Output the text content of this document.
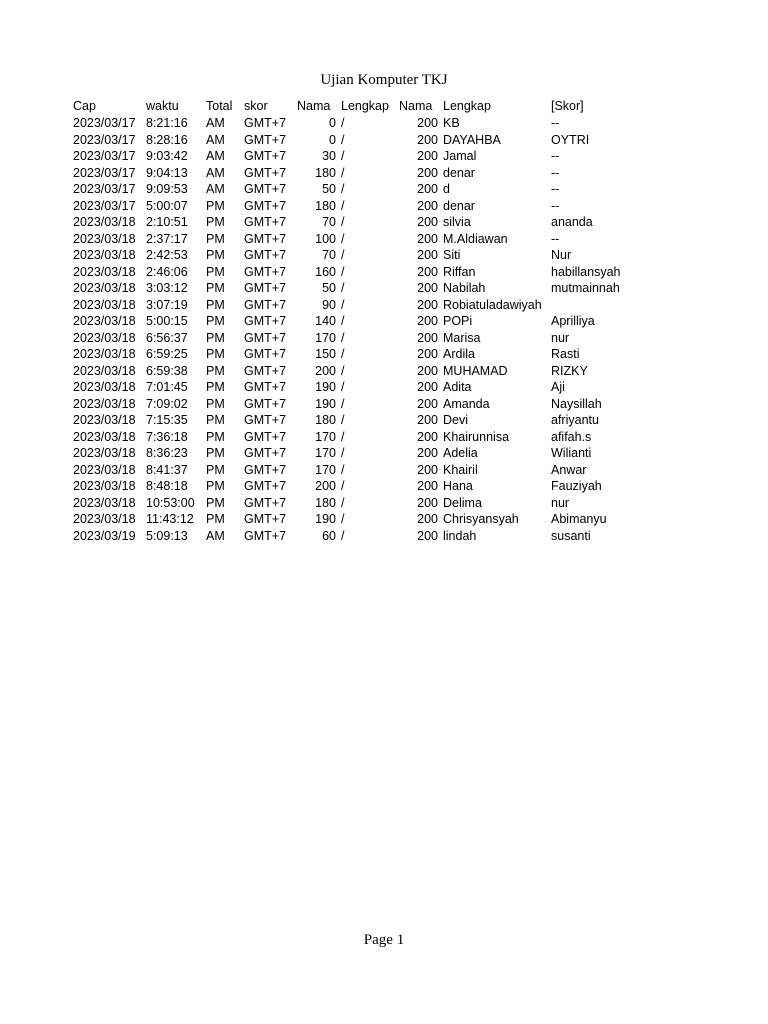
Ujian Komputer TKJ
Cap	waktu Total skor Nama Lengkap Nama Lengkap	[Skor]
2023/03/17 8:21:16 AM GMT+7	0 /	200 KB	--
2023/03/17 8:28:16 AM GMT+7	0 /	200 DAYAHBA	OYTRI
2023/03/17 9:03:42 AM GMT+7	30 /	200 Jamal	--
2023/03/17 9:04:13 AM GMT+7 180 /	200 denar	--
2023/03/17 9:09:53 AM GMT+7	50 /	200 d	--
2023/03/17 5:00:07 PM GMT+7 180 /	200 denar	--
2023/03/18 2:10:51 PM GMT+7	70 /	200 silvia	ananda
2023/03/18 2:37:17 PM GMT+7 100 /	200 M.Aldiawan	--
2023/03/18 2:42:53 PM GMT+7	70 /	200 Siti	Nur
2023/03/18 2:46:06 PM GMT+7 160 /	200 Riffan	habillansyah
2023/03/18 3:03:12 PM GMT+7	50 /	200 Nabilah	mutmainnah
2023/03/18 3:07:19 PM GMT+7	90 /	200 Robiatuladawiyah
2023/03/18 5:00:15 PM GMT+7 140 /	200 POPi	Aprilliya
2023/03/18 6:56:37 PM GMT+7 170 /	200 Marisa	nur
2023/03/18 6:59:25 PM GMT+7 150 /	200 Ardila	Rasti
2023/03/18 6:59:38 PM GMT+7 200 /	200 MUHAMAD	RIZKY
2023/03/18 7:01:45 PM GMT+7 190 /	200 Adita	Aji
2023/03/18 7:09:02 PM GMT+7 190 /	200 Amanda	Naysillah
2023/03/18 7:15:35 PM GMT+7 180 /	200 Devi	afriyantu
2023/03/18 7:36:18 PM GMT+7 170 /	200 Khairunnisa	afifah.s
2023/03/18 8:36:23 PM GMT+7 170 /	200 Adelia	Wilianti
2023/03/18 8:41:37 PM GMT+7 170 /	200 Khairil	Anwar
2023/03/18 8:48:18 PM GMT+7 200 /	200 Hana	Fauziyah
2023/03/18 10:53:00 PM GMT+7 180 /	200 Delima	nur
2023/03/18 11:43:12 PM GMT+7 190 /	200 Chrisyansyah	Abimanyu
2023/03/19 5:09:13 AM GMT+7	60 /	200 lindah	susanti
Page 1
